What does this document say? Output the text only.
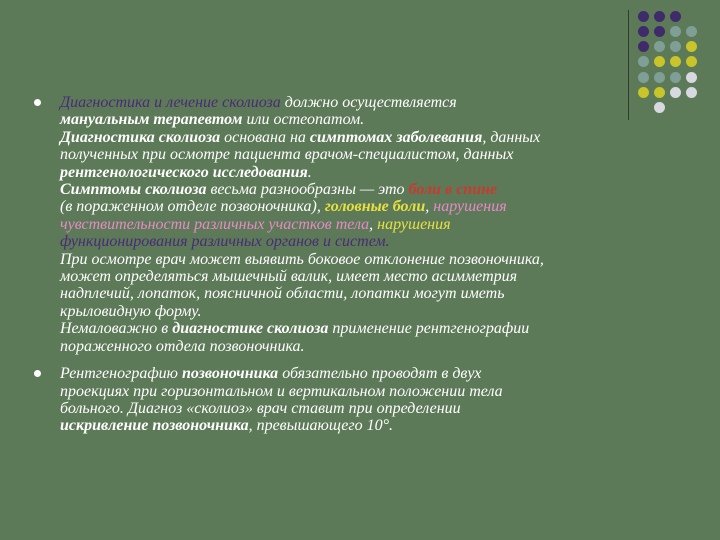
Диагностика и лечение сколиоза должно осуществляется
мануальным терапевтом или остеопатом.
Диагностика сколиоза основана на симптомах заболевания, данных
полученных при осмотре пациента врачом-специалистом, данных
рентгенологического исследования.
Симптомы сколиоза весьма разнообразны — это боли в спине
(в пораженном отделе позвоночника), головные боли, нарушения
чувствительности различных участков тела, нарушения
функционирования различных органов и систем.
При осмотре врач может выявить боковое отклонение позвоночника,
может определяться мышечный валик, имеет место асимметрия
надплечий, лопаток, поясничной области, лопатки могут иметь
крыловидную форму.
Немаловажно в диагностике сколиоза применение рентгенографии
пораженного отдела позвоночника.

Рентгенографию позвоночника обязательно проводят в двух
проекциях при горизонтальном и вертикальном положении тела
больного. Диагноз «сколиоз» врач ставит при определении
искривление позвоночника, превышающего 10°.
